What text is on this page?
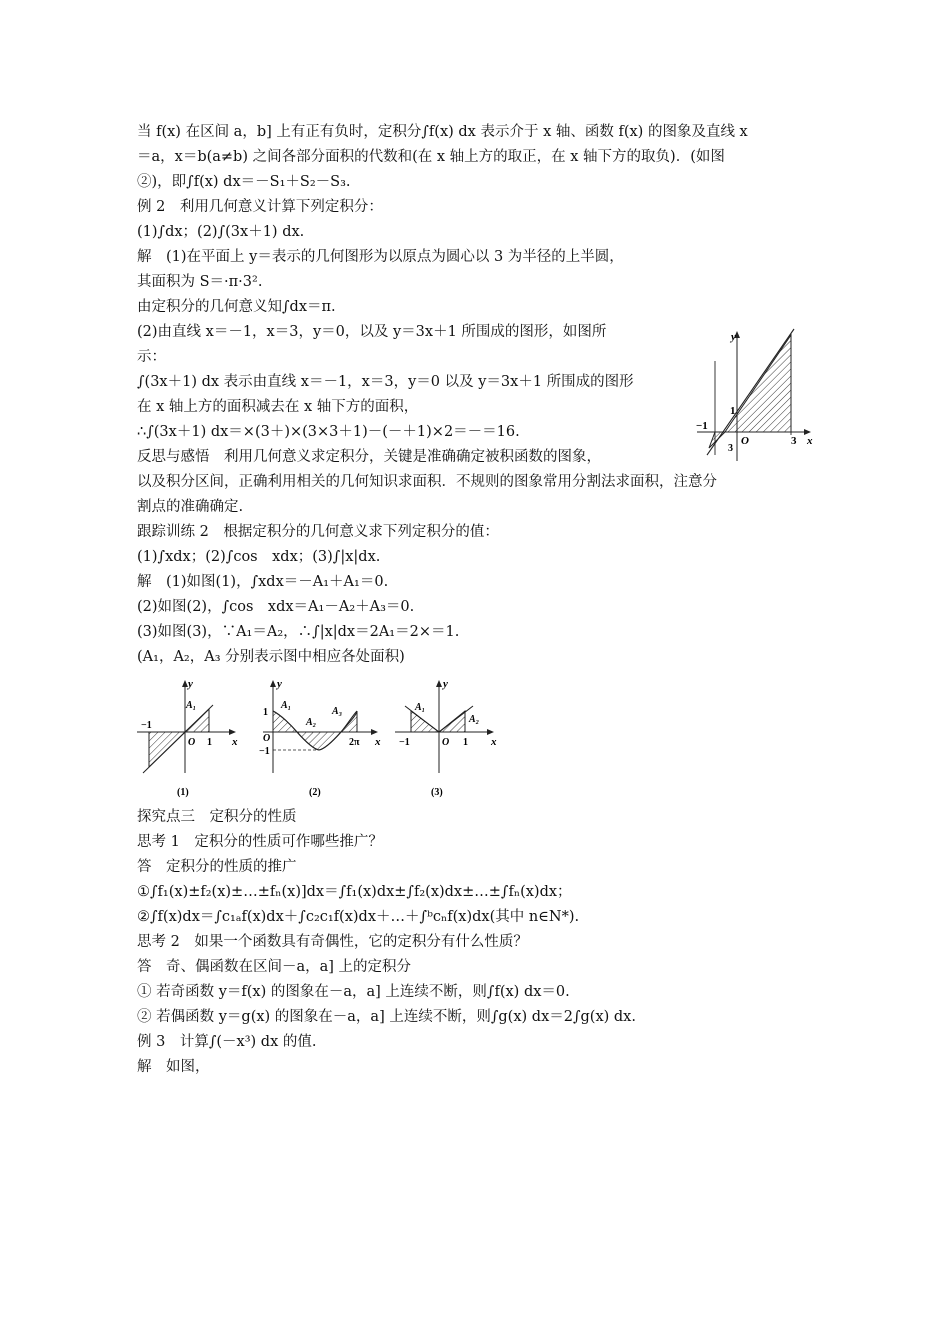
当 f(x) 在区间 a，b] 上有正有负时，定积分∫f(x) dx 表示介于 x 轴、函数 f(x) 的图象及直线 x
＝a，x＝b(a≠b) 之间各部分面积的代数和(在 x 轴上方的取正，在 x 轴下方的取负)．(如图
②)，即∫f(x) dx＝－S₁＋S₂－S₃.
例 2　利用几何意义计算下列定积分：
(1)∫dx；(2)∫(3x＋1) dx.
解　(1)在平面上 y＝表示的几何图形为以原点为圆心以 3 为半径的上半圆，
其面积为 S＝·π·3².
由定积分的几何意义知∫dx＝π.
(2)由直线 x＝－1，x＝3，y＝0，以及 y＝3x＋1 所围成的图形，如图所
示：
∫(3x＋1) dx 表示由直线 x＝－1，x＝3，y＝0 以及 y＝3x＋1 所围成的图形
在 x 轴上方的面积减去在 x 轴下方的面积，
∴∫(3x＋1) dx＝×(3＋)×(3×3＋1)－(－＋1)×2＝－＝16.
反思与感悟　利用几何意义求定积分，关键是准确确定被积函数的图象，
以及积分区间，正确利用相关的几何知识求面积．不规则的图象常用分割法求面积，注意分
割点的准确确定.
跟踪训练 2　根据定积分的几何意义求下列定积分的值：
(1)∫xdx；(2)∫cos　xdx；(3)∫|x|dx.
解　(1)如图(1)，∫xdx＝－A₁＋A₁＝0.
(2)如图(2)，∫cos　xdx＝A₁－A₂＋A₃＝0.
(3)如图(3)，∵A₁＝A₂，∴∫|x|dx＝2A₁＝2×＝1.
(A₁，A₂，A₃ 分别表示图中相应各处面积)
探究点三　定积分的性质
思考 1　定积分的性质可作哪些推广？
答　定积分的性质的推广
①∫f₁(x)±f₂(x)±…±fₙ(x)]dx＝∫f₁(x)dx±∫f₂(x)dx±…±∫fₙ(x)dx；
②∫f(x)dx＝∫c₁ₐf(x)dx＋∫c₂c₁f(x)dx＋…＋∫ᵇcₙf(x)dx(其中 n∈N*).
思考 2　如果一个函数具有奇偶性，它的定积分有什么性质？
答　奇、偶函数在区间－a，a] 上的定积分
① 若奇函数 y＝f(x) 的图象在－a，a] 上连续不断，则∫f(x) dx＝0.
② 若偶函数 y＝g(x) 的图象在－a，a] 上连续不断，则∫g(x) dx＝2∫g(x) dx.
例 3　计算∫(－x³) dx 的值.
解　如图，
y
x
−1
1
O
3
3
y
x
A₁
−1
O 1
(1)
y
x
1
A₁
A₂
A₃
O
−1
2π
(2)
y
x
A₁
A₂
−1	O 1
(3)
